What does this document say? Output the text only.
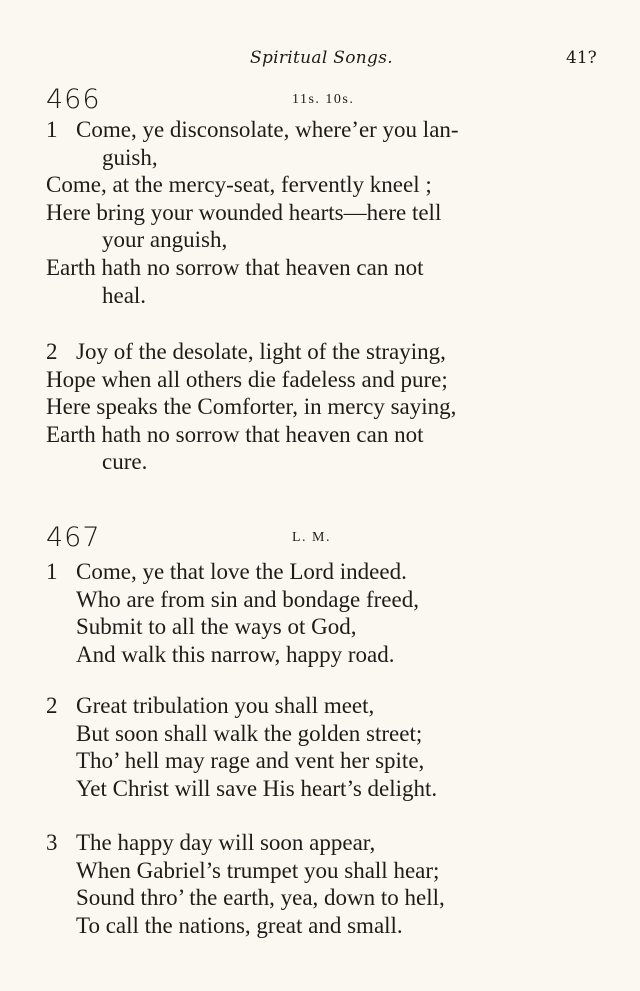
Spiritual Songs.	41?
466	11s. 10s.
1 Come, ye disconsolate, where’er you lan-
guish,
Come, at the mercy-seat, fervently kneel ;
Here bring your wounded hearts—here tell
your anguish,
Earth hath no sorrow that heaven can not
heal.
2 Joy of the desolate, light of the straying,
Hope when all others die fadeless and pure;
Here speaks the Comforter, in mercy saying,
Earth hath no sorrow that heaven can not
cure.
467	L. M.
1 Come, ye that love the Lord indeed.
Who are from sin and bondage freed,
Submit to all the ways ot God,
And walk this narrow, happy road.
2 Great tribulation you shall meet,
But soon shall walk the golden street;
Tho’ hell may rage and vent her spite,
Yet Christ will save His heart’s delight.
3 The happy day will soon appear,
When Gabriel’s trumpet you shall hear;
Sound thro’ the earth, yea, down to hell,
To call the nations, great and small.
